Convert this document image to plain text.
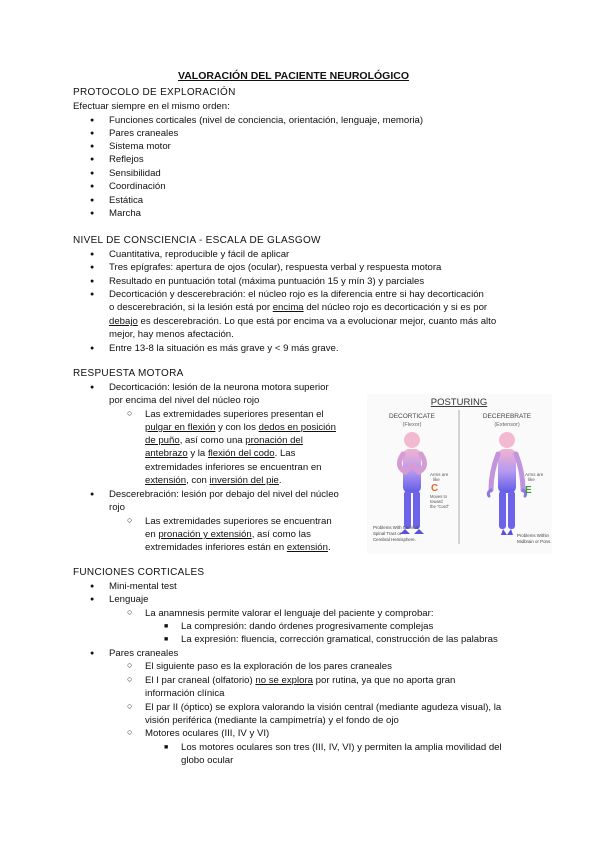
VALORACIÓN DEL PACIENTE NEUROLÓGICO
PROTOCOLO DE EXPLORACIÓN
Efectuar siempre en el mismo orden:
● Funciones corticales (nivel de conciencia, orientación, lenguaje, memoria)
● Pares craneales
● Sistema motor
● Reflejos
● Sensibilidad
● Coordinación
● Estática
● Marcha
NIVEL DE CONSCIENCIA - ESCALA DE GLASGOW
● Cuantitativa, reproducible y fácil de aplicar
● Tres epígrafes: apertura de ojos (ocular), respuesta verbal y respuesta motora
● Resultado en puntuación total (máxima puntuación 15 y mín 3) y parciales
● Decorticación y descerebración: el núcleo rojo es la diferencia entre si hay decorticación
o descerebración, si la lesión está por encima del núcleo rojo es decorticación y si es por
debajo es descerebración. Lo que está por encima va a evolucionar mejor, cuanto más alto
mejor, hay menos afectación.
● Entre 13-8 la situación es más grave y < 9 más grave.
RESPUESTA MOTORA
● Decorticación: lesión de la neurona motora superior
por encima del nivel del núcleo rojo
○ Las extremidades superiores presentan el
pulgar en flexión y con los dedos en posición
de puño, así como una pronación del
antebrazo y la flexión del codo. Las
extremidades inferiores se encuentran en
extensión, con inversión del pie.
● Descerebración: lesión por debajo del nivel del núcleo
rojo
○ Las extremidades superiores se encuentran
en pronación y extensión, así como las
extremidades inferiores están en extensión.
POSTURING
DECORTICATE
(Flexor)
DECEREBRATE
(Extensor)
Arms are
like
C
Moves to
toward
the "Cord"
Problems With Cervical
Spinal Tract or
Cerebral Hemisphere.
Arms are
like
E
Problems Within
Midbrain or Pons.
FUNCIONES CORTICALES
● Mini-mental test
● Lenguaje
○ La anamnesis permite valorar el lenguaje del paciente y comprobar:
■ La compresión: dando órdenes progresivamente complejas
■ La expresión: fluencia, corrección gramatical, construcción de las palabras
● Pares craneales
○ El siguiente paso es la exploración de los pares craneales
○ El I par craneal (olfatorio) no se explora por rutina, ya que no aporta gran
información clínica
○ El par II (óptico) se explora valorando la visión central (mediante agudeza visual), la
visión periférica (mediante la campimetría) y el fondo de ojo
○ Motores oculares (III, IV y VI)
■ Los motores oculares son tres (III, IV, VI) y permiten la amplia movilidad del
globo ocular
